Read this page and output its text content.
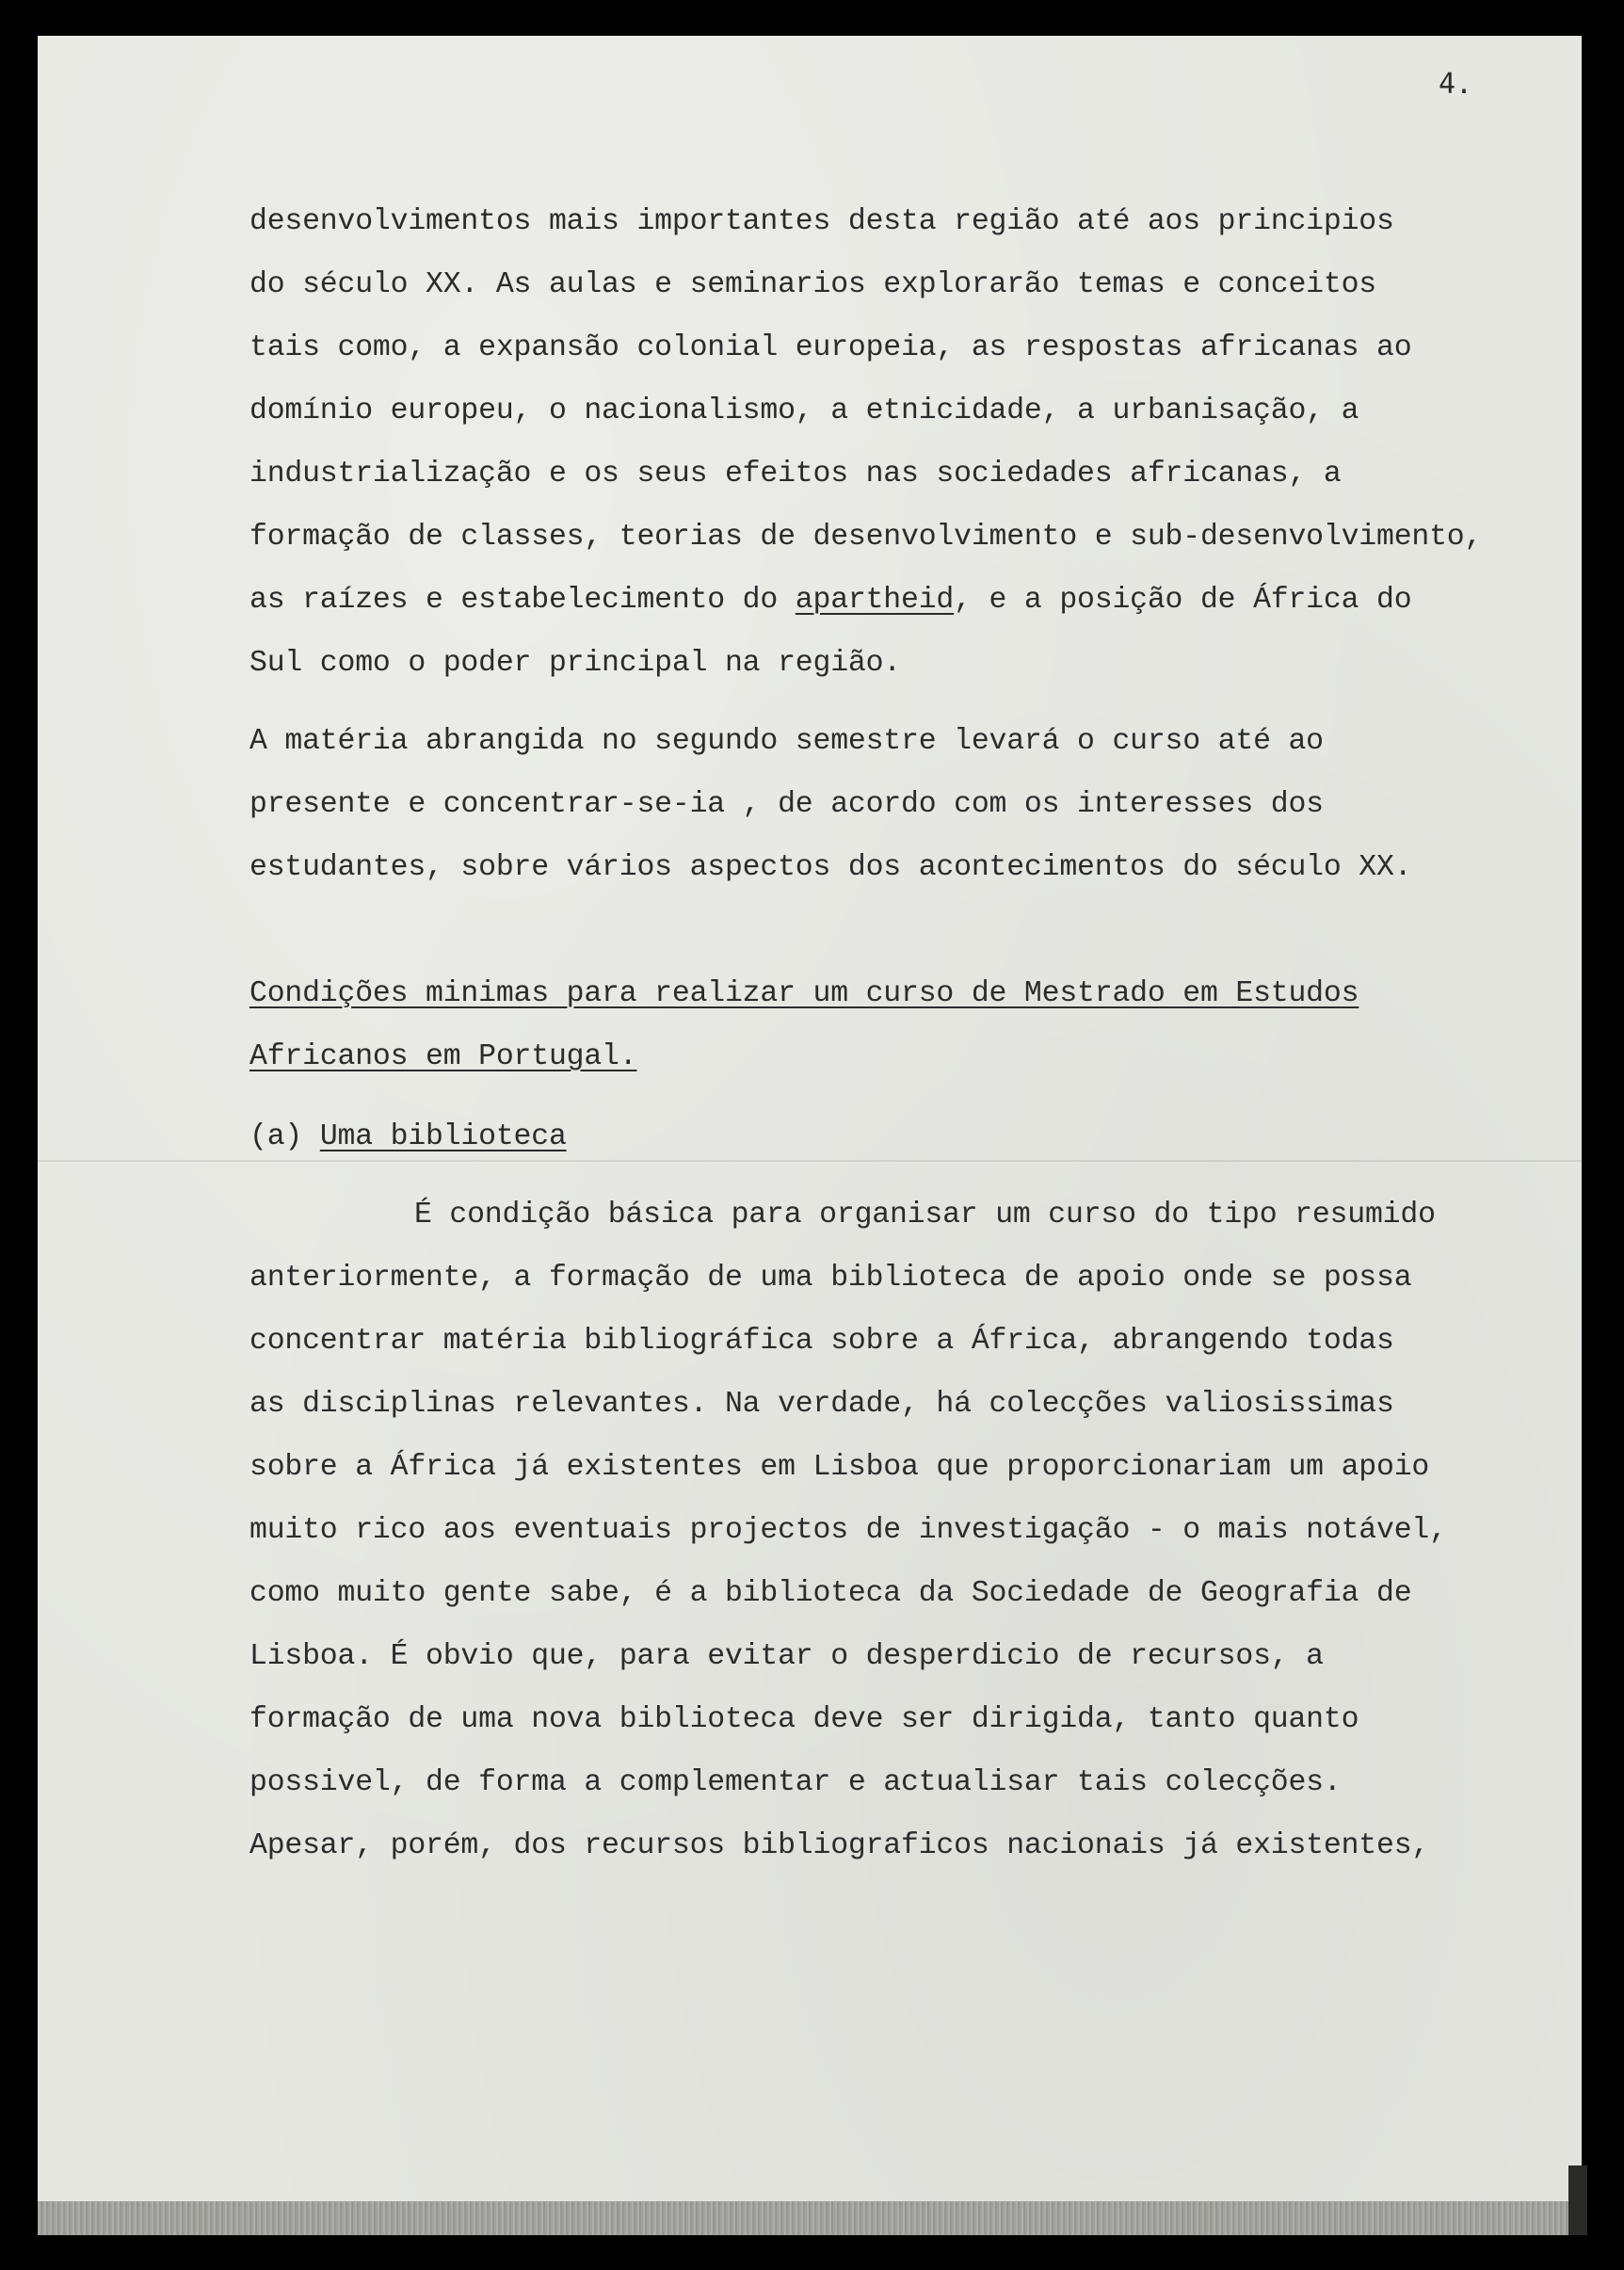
4.
desenvolvimentos mais importantes desta região até aos principios
do século XX. As aulas e seminarios explorarão temas e conceitos
tais como, a expansão colonial europeia, as respostas africanas ao
domínio europeu, o nacionalismo, a etnicidade, a urbanisação, a
industrialização e os seus efeitos nas sociedades africanas, a
formação de classes, teorias de desenvolvimento e sub-desenvolvimento,
as raízes e estabelecimento do apartheid, e a posição de África do
Sul como o poder principal na região.
A matéria abrangida no segundo semestre levará o curso até ao
presente e concentrar-se-ia , de acordo com os interesses dos
estudantes, sobre vários aspectos dos acontecimentos do século XX.
Condições minimas para realizar um curso de Mestrado em Estudos
Africanos em Portugal.
(a) Uma biblioteca
É condição básica para organisar um curso do tipo resumido
anteriormente, a formação de uma biblioteca de apoio onde se possa
concentrar matéria bibliográfica sobre a África, abrangendo todas
as disciplinas relevantes. Na verdade, há colecções valiosissimas
sobre a África já existentes em Lisboa que proporcionariam um apoio
muito rico aos eventuais projectos de investigação - o mais notável,
como muito gente sabe, é a biblioteca da Sociedade de Geografia de
Lisboa. É obvio que, para evitar o desperdicio de recursos, a
formação de uma nova biblioteca deve ser dirigida, tanto quanto
possivel, de forma a complementar e actualisar tais colecções.
Apesar, porém, dos recursos bibliograficos nacionais já existentes,
